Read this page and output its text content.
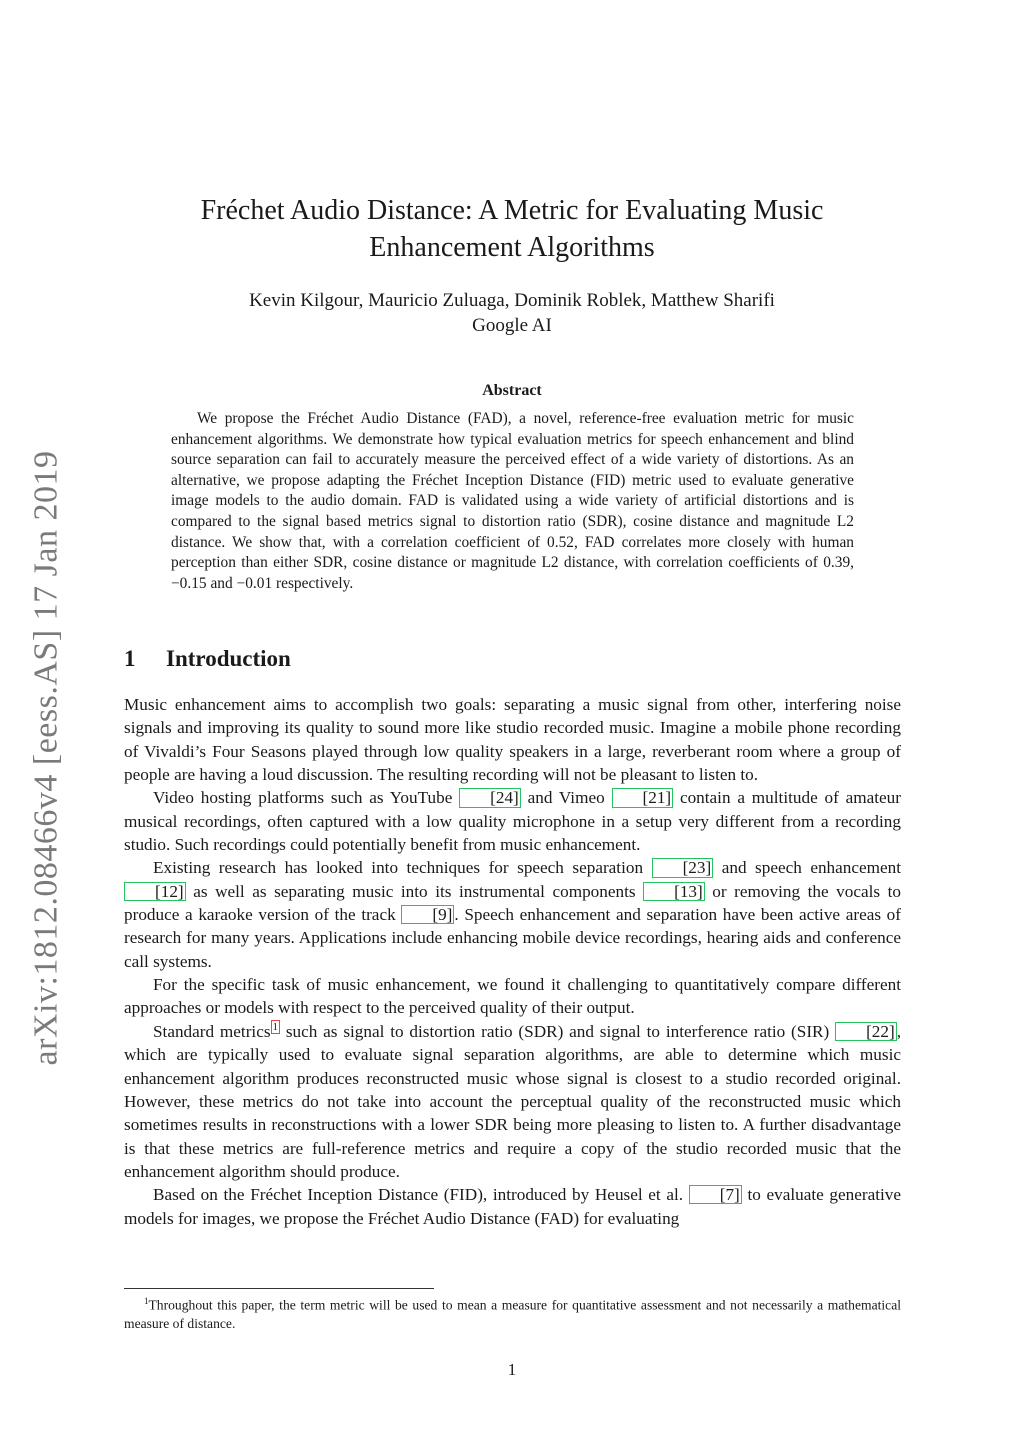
arXiv:1812.08466v4 [eess.AS] 17 Jan 2019
Fréchet Audio Distance: A Metric for Evaluating Music
Enhancement Algorithms
Kevin Kilgour, Mauricio Zuluaga, Dominik Roblek, Matthew Sharifi
Google AI
Abstract

We propose the Fréchet Audio Distance (FAD), a novel, reference-free evaluation metric for music enhancement algorithms. We demonstrate how typical evaluation metrics for speech enhancement and blind source separation can fail to accurately measure the perceived effect of a wide variety of distortions. As an alternative, we propose adapting the Fréchet Inception Distance (FID) metric used to evaluate generative image models to the audio domain. FAD is validated using a wide variety of artificial distortions and is compared to the signal based metrics signal to distortion ratio (SDR), cosine distance and magnitude L2 distance. We show that, with a correlation coefficient of 0.52, FAD correlates more closely with human perception than either SDR, cosine distance or magnitude L2 distance, with correlation coefficients of 0.39, −0.15 and −0.01 respectively.

1 Introduction

Music enhancement aims to accomplish two goals: separating a music signal from other, interfering noise signals and improving its quality to sound more like studio recorded music. Imagine a mobile phone recording of Vivaldi’s Four Seasons played through low quality speakers in a large, reverberant room where a group of people are having a loud discussion. The resulting recording will not be pleasant to listen to.

Video hosting platforms such as YouTube [24] and Vimeo [21] contain a multitude of amateur musical recordings, often captured with a low quality microphone in a setup very different from a recording studio. Such recordings could potentially benefit from music enhancement.

Existing research has looked into techniques for speech separation [23] and speech enhancement [12] as well as separating music into its instrumental components [13] or removing the vocals to produce a karaoke version of the track [9] . Speech enhancement and separation have been active areas of research for many years. Applications include enhancing mobile device recordings, hearing aids and conference call systems.

For the specific task of music enhancement, we found it challenging to quantitatively compare different approaches or models with respect to the perceived quality of their output.

Standard metrics $^1$ such as signal to distortion ratio (SDR) and signal to interference ratio (SIR) [22] , which are typically used to evaluate signal separation algorithms, are able to determine which music enhancement algorithm produces reconstructed music whose signal is closest to a studio recorded original. However, these metrics do not take into account the perceptual quality of the reconstructed music which sometimes results in reconstructions with a lower SDR being more pleasing to listen to. A further disadvantage is that these metrics are full-reference metrics and require a copy of the studio recorded music that the enhancement algorithm should produce.

Based on the Fréchet Inception Distance (FID), introduced by Heusel et al. [7] to evaluate generative models for images, we propose the Fréchet Audio Distance (FAD) for evaluating

$^1$Throughout this paper, the term metric will be used to mean a measure for quantitative assessment and not necessarily a mathematical measure of distance.

1
